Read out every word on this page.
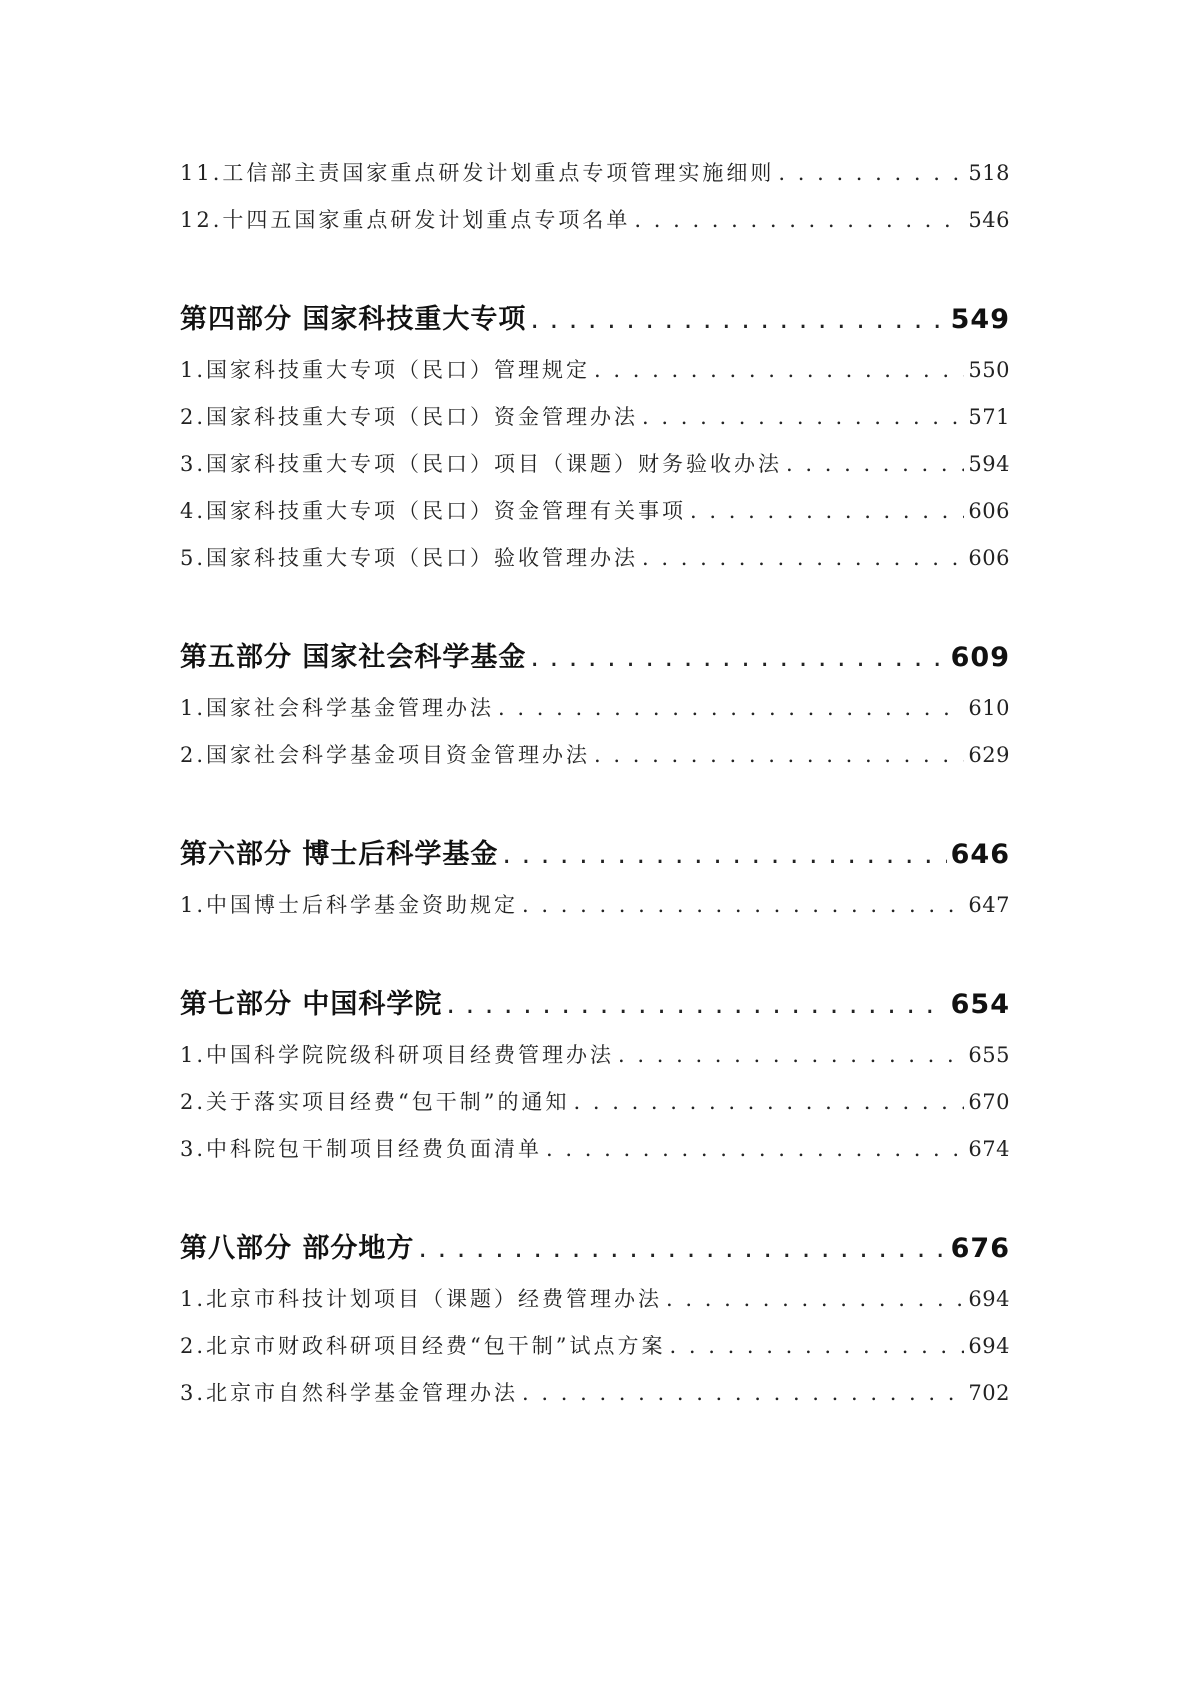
11.工信部主责国家重点研发计划重点专项管理实施细则 . . .	518
12.十四五国家重点研发计划重点专项名单 . . .	546
第四部分 国家科技重大专项 . . .	549
1.国家科技重大专项（民口）管理规定 . . .	550
2.国家科技重大专项（民口）资金管理办法 . . .	571
3.国家科技重大专项（民口）项目（课题）财务验收办法 . . .	594
4.国家科技重大专项（民口）资金管理有关事项 . . .	606
5.国家科技重大专项（民口）验收管理办法 . . .	606
第五部分 国家社会科学基金 . . .	609
1.国家社会科学基金管理办法 . . .	610
2.国家社会科学基金项目资金管理办法 . . .	629
第六部分 博士后科学基金 . . .	646
1.中国博士后科学基金资助规定 . . .	647
第七部分 中国科学院 . . .	654
1.中国科学院院级科研项目经费管理办法 . . .	655
2.关于落实项目经费“包干制”的通知 . . .	670
3.中科院包干制项目经费负面清单 . . .	674
第八部分 部分地方 . . .	676
1.北京市科技计划项目（课题）经费管理办法 . . .	694
2.北京市财政科研项目经费“包干制”试点方案 . . .	694
3.北京市自然科学基金管理办法 . . .	702
